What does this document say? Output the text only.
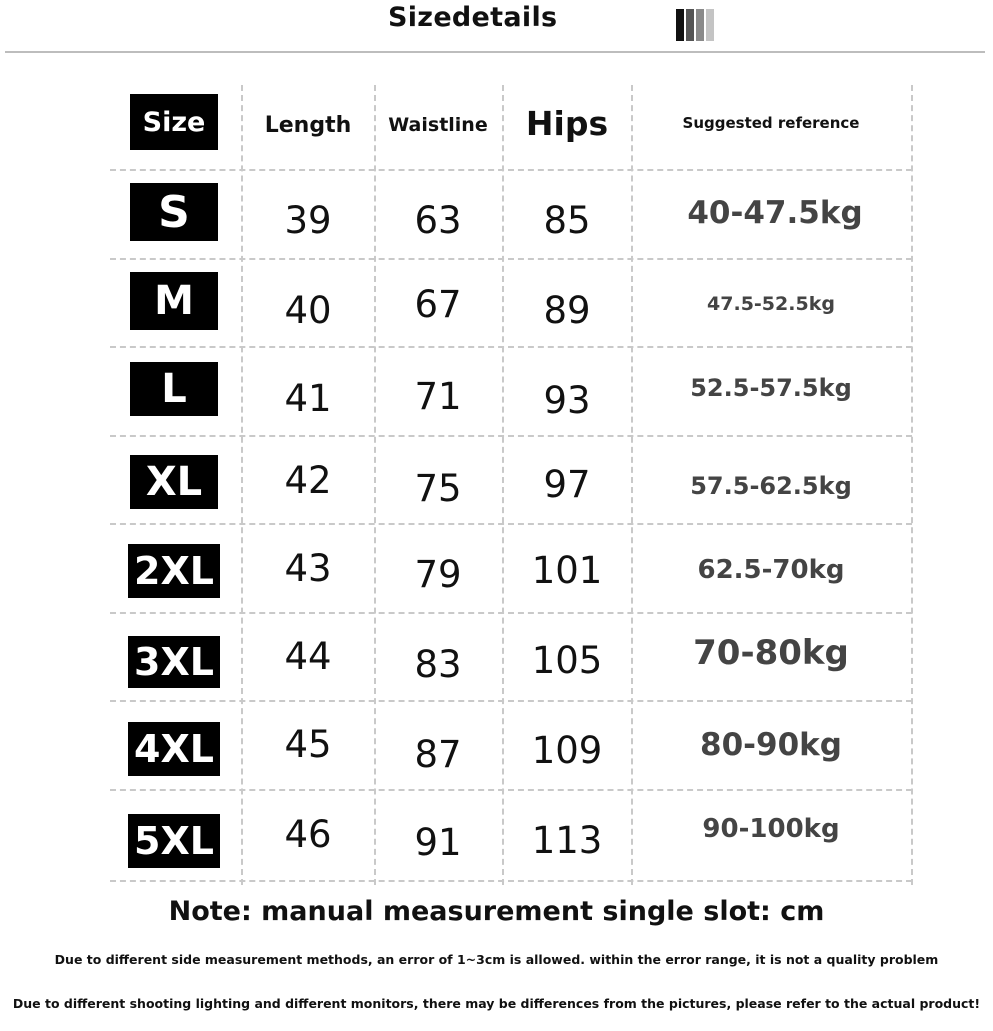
Sizedetails
Size	Length	Waistline	Hips	Suggested reference
S	39	63	85	40-47.5kg
M	40	67	89	47.5-52.5kg
L	41	71	93	52.5-57.5kg
XL	42	75	97	57.5-62.5kg
2XL	43	79	101	62.5-70kg
3XL	44	83	105	70-80kg
4XL	45	87	109	80-90kg
5XL	46	91	113	90-100kg
Note: manual measurement single slot: cm
Due to different side measurement methods, an error of 1~3cm is allowed. within the error range, it is not a quality problem
Due to different shooting lighting and different monitors, there may be differences from the pictures, please refer to the actual product!
